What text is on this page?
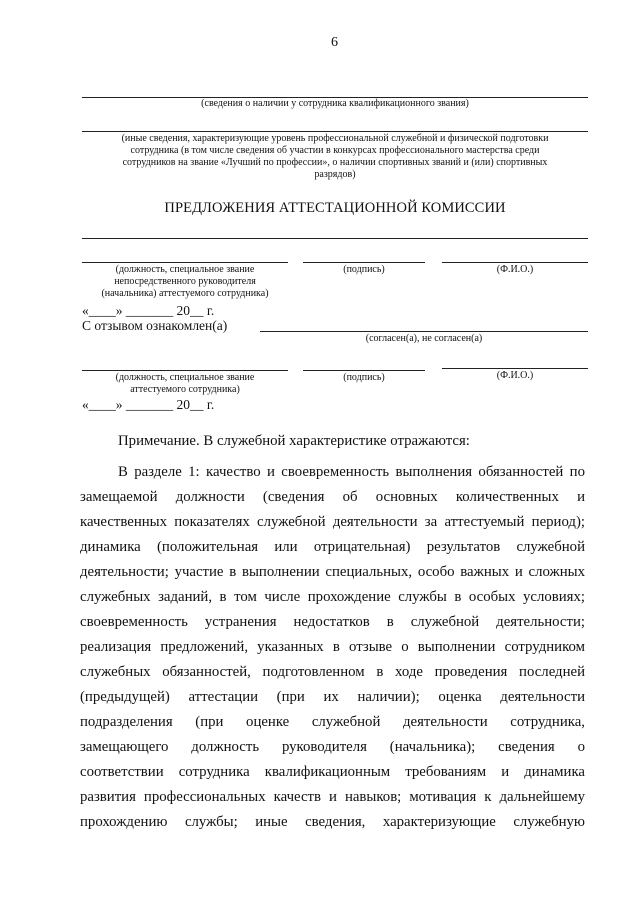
6
(сведения о наличии у сотрудника квалификационного звания)
(иные сведения, характеризующие уровень профессиональной служебной и физической подготовки
сотрудника (в том числе сведения об участии в конкурсах профессионального мастерства среди
сотрудников на звание «Лучший по профессии», о наличии спортивных званий и (или) спортивных
разрядов)
ПРЕДЛОЖЕНИЯ АТТЕСТАЦИОННОЙ КОМИССИИ
(должность, специальное звание
непосредственного руководителя
(начальника) аттестуемого сотрудника)
(подпись)	(Ф.И.О.)
«____» _______ 20__ г.
С отзывом ознакомлен(а)
(согласен(а), не согласен(а)
(должность, специальное звание
аттестуемого сотрудника)
(подпись)	(Ф.И.О.)
«____» _______ 20__ г.
Примечание. В служебной характеристике отражаются:

В разделе 1: качество и своевременность выполнения обязанностей по

замещаемой должности (сведения об основных количественных и

качественных показателях служебной деятельности за аттестуемый период);

динамика (положительная или отрицательная) результатов служебной

деятельности; участие в выполнении специальных, особо важных и сложных

служебных заданий, в том числе прохождение службы в особых условиях;

своевременность устранения недостатков в служебной деятельности;

реализация предложений, указанных в отзыве о выполнении сотрудником

служебных обязанностей, подготовленном в ходе проведения последней

(предыдущей) аттестации (при их наличии); оценка деятельности

подразделения (при оценке служебной деятельности сотрудника,

замещающего должность руководителя (начальника); сведения о

соответствии сотрудника квалификационным требованиям и динамика

развития профессиональных качеств и навыков; мотивация к дальнейшему

прохождению службы; иные сведения, характеризующие служебную
